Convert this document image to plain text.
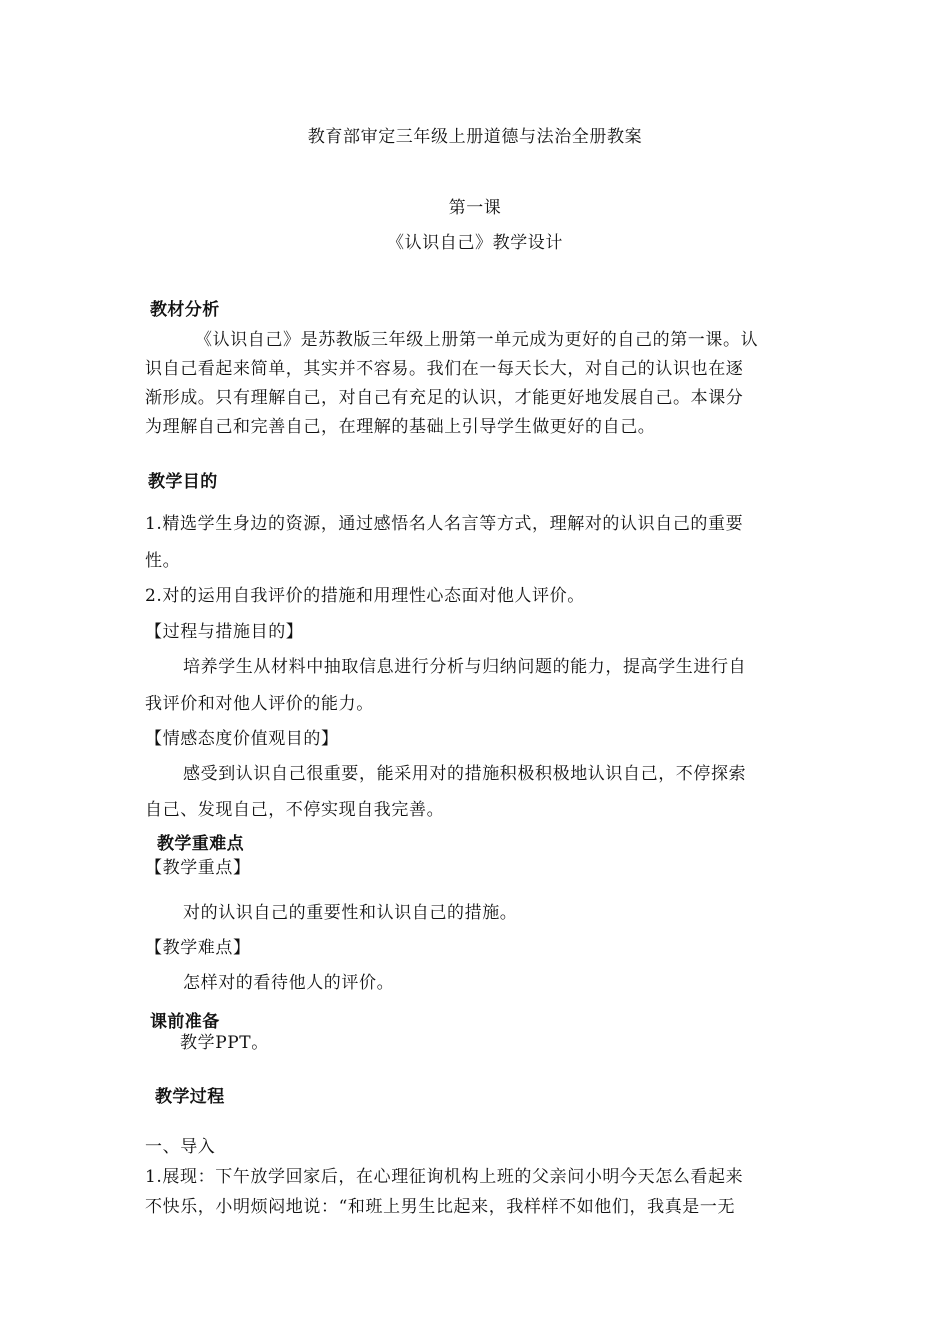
教育部审定三年级上册道德与法治全册教案
第一课
《认识自己》教学设计
教材分析
《认识自己》是苏教版三年级上册第一单元成为更好的自己的第一课。认
识自己看起来简单，其实并不容易。我们在一每天长大，对自己的认识也在逐
渐形成。只有理解自己，对自己有充足的认识，才能更好地发展自己。本课分
为理解自己和完善自己，在理解的基础上引导学生做更好的自己。
教学目的
1.精选学生身边的资源，通过感悟名人名言等方式，理解对的认识自己的重要
性。
2.对的运用自我评价的措施和用理性心态面对他人评价。
【过程与措施目的】
培养学生从材料中抽取信息进行分析与归纳问题的能力，提高学生进行自
我评价和对他人评价的能力。
【情感态度价值观目的】
感受到认识自己很重要，能采用对的措施积极积极地认识自己，不停探索
自己、发现自己，不停实现自我完善。
教学重难点
【教学重点】
对的认识自己的重要性和认识自己的措施。
【教学难点】
怎样对的看待他人的评价。
课前准备
教学PPT。
教学过程
一、导入
1.展现：下午放学回家后，在心理征询机构上班的父亲问小明今天怎么看起来
不快乐，小明烦闷地说：“和班上男生比起来，我样样不如他们，我真是一无
